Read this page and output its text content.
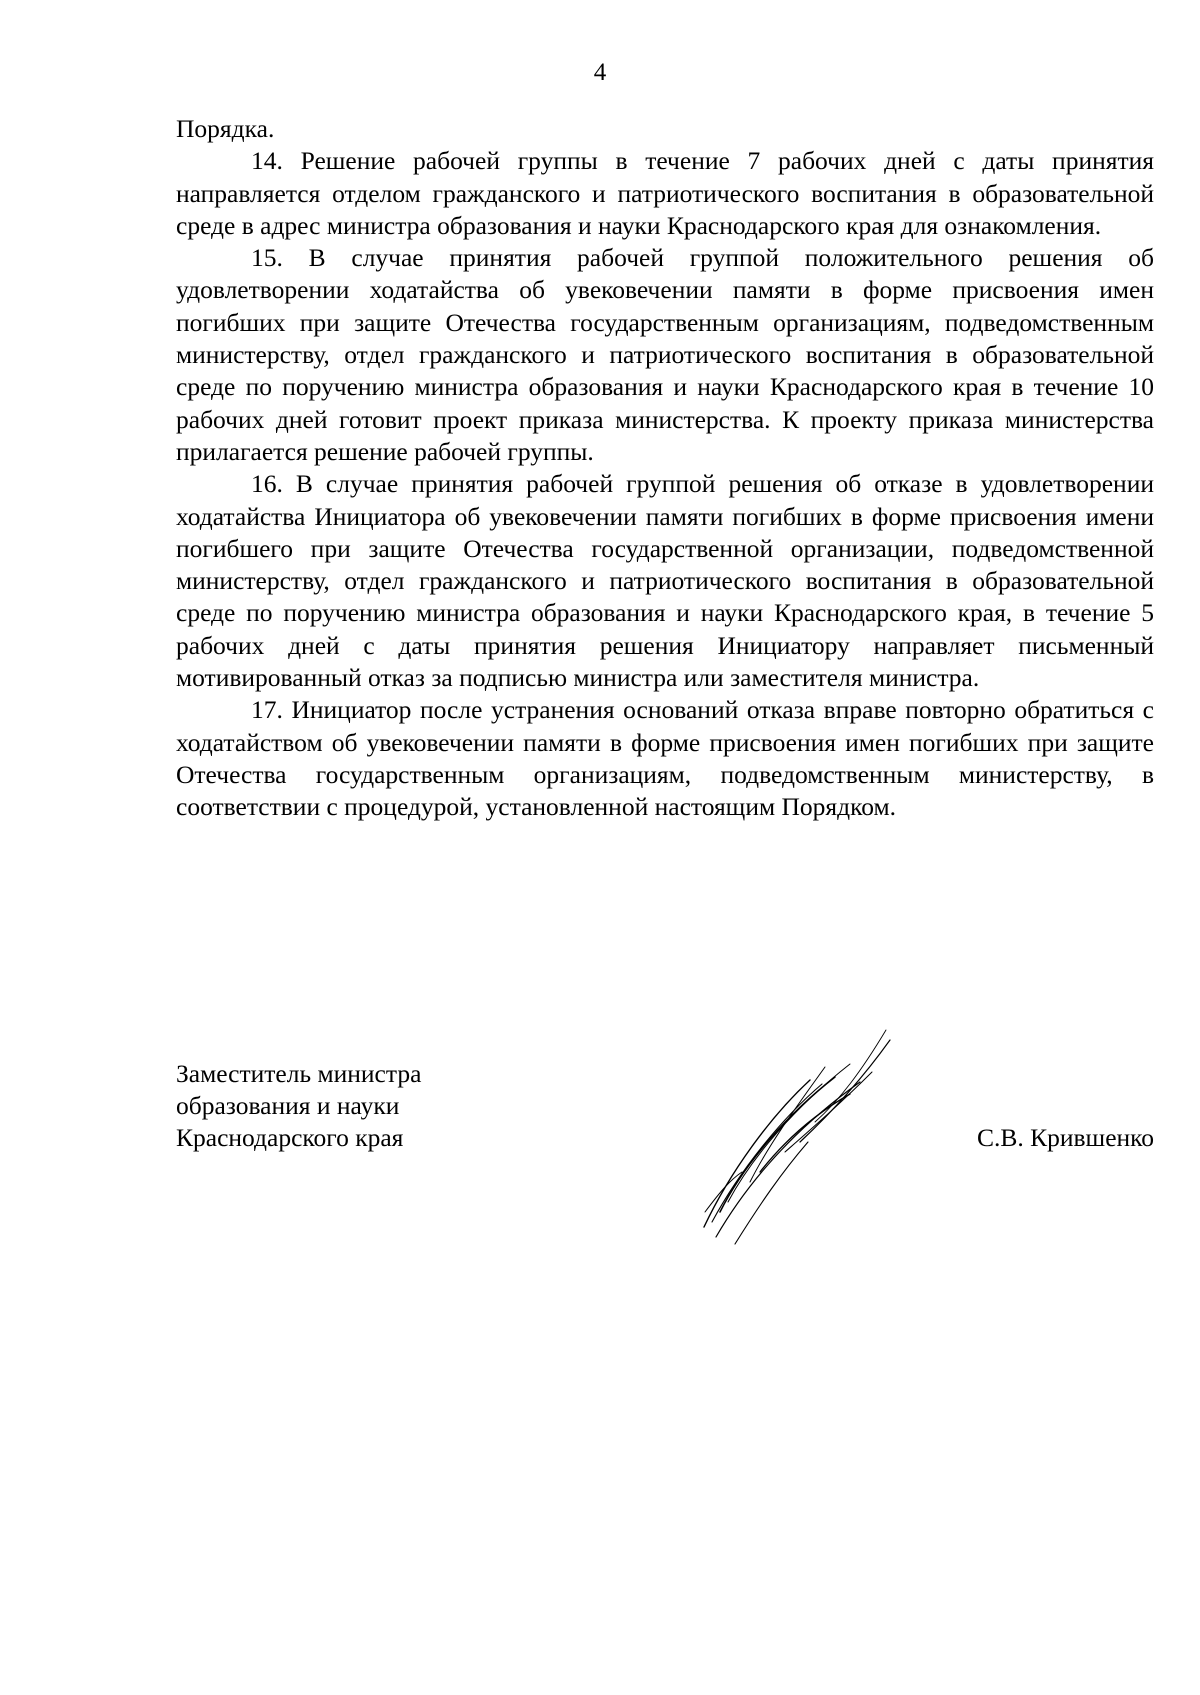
4

Порядка.

14. Решение рабочей группы в течение 7 рабочих дней с даты принятия направляется отделом гражданского и патриотического воспитания в образовательной среде в адрес министра образования и науки Краснодарского края для ознакомления.

15. В случае принятия рабочей группой положительного решения об удовлетворении ходатайства об увековечении памяти в форме присвоения имен погибших при защите Отечества государственным организациям, подведомственным министерству, отдел гражданского и патриотического воспитания в образовательной среде по поручению министра образования и науки Краснодарского края в течение 10 рабочих дней готовит проект приказа министерства. К проекту приказа министерства прилагается решение рабочей группы.

16. В случае принятия рабочей группой решения об отказе в удовлетворении ходатайства Инициатора об увековечении памяти погибших в форме присвоения имени погибшего при защите Отечества государственной организации, подведомственной министерству, отдел гражданского и патриотического воспитания в образовательной среде по поручению министра образования и науки Краснодарского края, в течение 5 рабочих дней с даты принятия решения Инициатору направляет письменный мотивированный отказ за подписью министра или заместителя министра.

17. Инициатор после устранения оснований отказа вправе повторно обратиться с ходатайством об увековечении памяти в форме присвоения имен погибших при защите Отечества государственным организациям, подведомственным министерству, в соответствии с процедурой, установленной настоящим Порядком.

Заместитель министра
образования и науки
Краснодарского края	С.В. Крившенко
